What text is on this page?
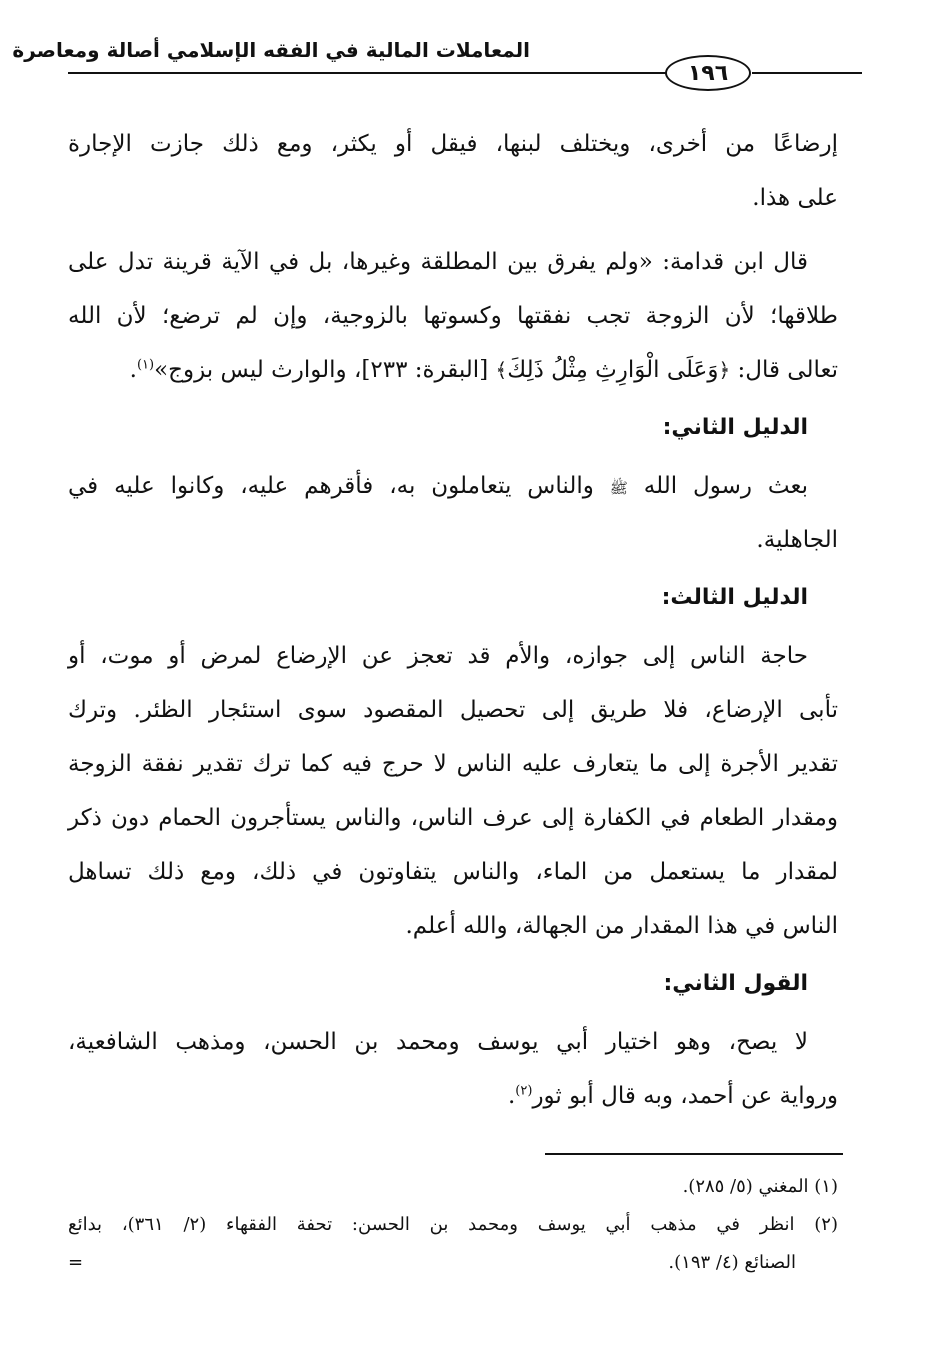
المعاملات المالية في الفقه الإسلامي أصالة ومعاصرة
١٩٦
إرضاعًا من أخرى، ويختلف لبنها، فيقل أو يكثر، ومع ذلك جازت الإجارة
على هذا.
قال ابن قدامة: «ولم يفرق بين المطلقة وغيرها، بل في الآية قرينة تدل على
طلاقها؛ لأن الزوجة تجب نفقتها وكسوتها بالزوجية، وإن لم ترضع؛ لأن الله
تعالى قال: ﴿وَعَلَى الْوَارِثِ مِثْلُ ذَلِكَ﴾ [البقرة: ٢٣٣]، والوارث ليس بزوج»$^{(١)}$.
الدليل الثاني:
بعث رسول الله ﷺ والناس يتعاملون به، فأقرهم عليه، وكانوا عليه في
الجاهلية.
الدليل الثالث:
حاجة الناس إلى جوازه، والأم قد تعجز عن الإرضاع لمرض أو موت، أو
تأبى الإرضاع، فلا طريق إلى تحصيل المقصود سوى استئجار الظئر. وترك
تقدير الأجرة إلى ما يتعارف عليه الناس لا حرج فيه كما ترك تقدير نفقة الزوجة
ومقدار الطعام في الكفارة إلى عرف الناس، والناس يستأجرون الحمام دون ذكر
لمقدار ما يستعمل من الماء، والناس يتفاوتون في ذلك، ومع ذلك تساهل
الناس في هذا المقدار من الجهالة، والله أعلم.
القول الثاني:
لا يصح، وهو اختيار أبي يوسف ومحمد بن الحسن، ومذهب الشافعية،
ورواية عن أحمد، وبه قال أبو ثور$^{(٢)}$.
(١) المغني (٥/ ٢٨٥).
(٢) انظر في مذهب أبي يوسف ومحمد بن الحسن: تحفة الفقهاء (٢/ ٣٦١)، بدائع
الصنائع (٤/ ١٩٣).
=
